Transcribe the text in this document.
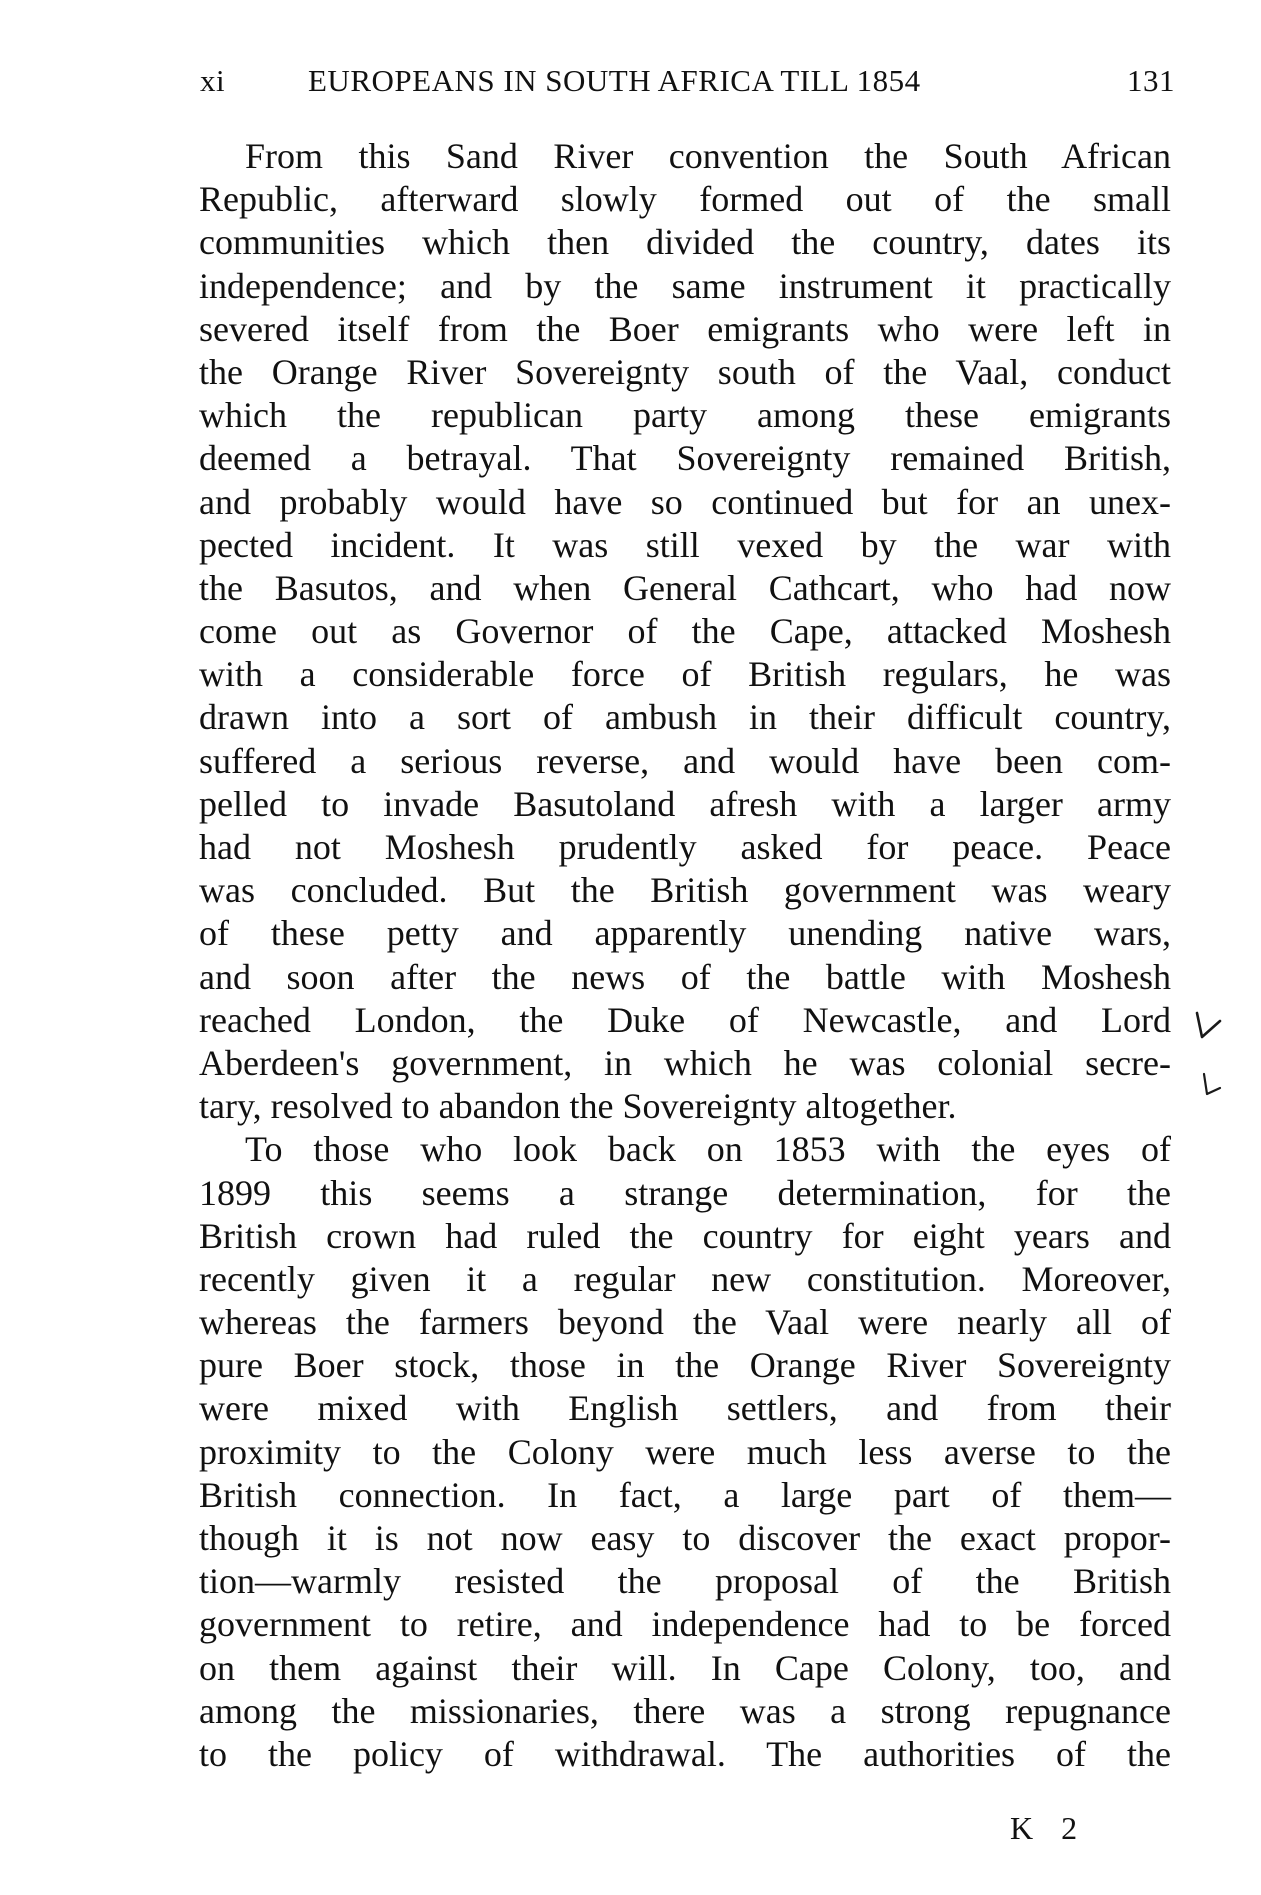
xi	EUROPEANS IN SOUTH AFRICA TILL 1854	131
From this Sand River convention the South African
Republic, afterward slowly formed out of the small
communities which then divided the country, dates its
independence; and by the same instrument it practically
severed itself from the Boer emigrants who were left in
the Orange River Sovereignty south of the Vaal, conduct
which the republican party among these emigrants
deemed a betrayal. That Sovereignty remained British,
and probably would have so continued but for an unex-
pected incident. It was still vexed by the war with
the Basutos, and when General Cathcart, who had now
come out as Governor of the Cape, attacked Moshesh
with a considerable force of British regulars, he was
drawn into a sort of ambush in their difficult country,
suffered a serious reverse, and would have been com-
pelled to invade Basutoland afresh with a larger army
had not Moshesh prudently asked for peace. Peace
was concluded. But the British government was weary
of these petty and apparently unending native wars,
and soon after the news of the battle with Moshesh
reached London, the Duke of Newcastle, and Lord
Aberdeen's government, in which he was colonial secre-
tary, resolved to abandon the Sovereignty altogether.
To those who look back on 1853 with the eyes of
1899 this seems a strange determination, for the
British crown had ruled the country for eight years and
recently given it a regular new constitution. Moreover,
whereas the farmers beyond the Vaal were nearly all of
pure Boer stock, those in the Orange River Sovereignty
were mixed with English settlers, and from their
proximity to the Colony were much less averse to the
British connection. In fact, a large part of them—
though it is not now easy to discover the exact propor-
tion—warmly resisted the proposal of the British
government to retire, and independence had to be forced
on them against their will. In Cape Colony, too, and
among the missionaries, there was a strong repugnance
to the policy of withdrawal. The authorities of the
K 2
